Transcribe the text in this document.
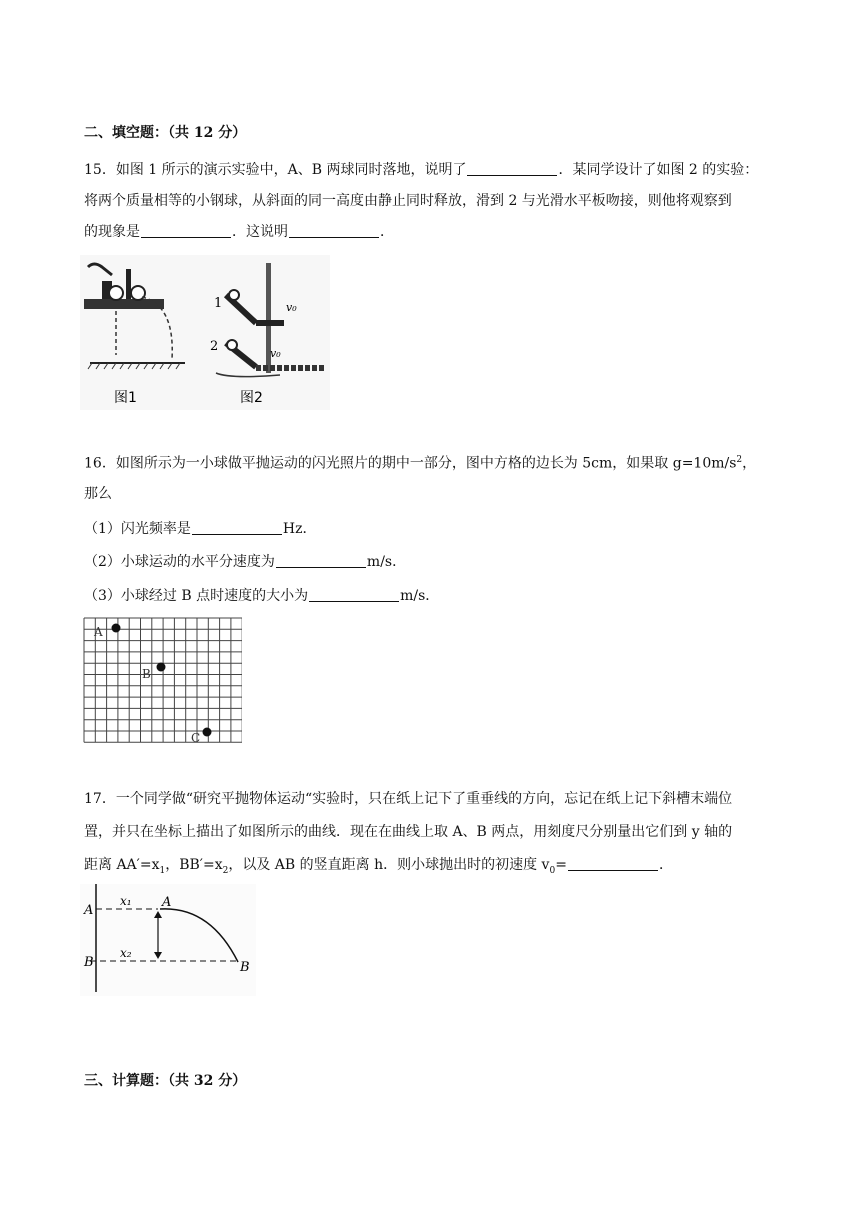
二、填空题：（共 12 分）
15．如图 1 所示的演示实验中，A、B 两球同时落地，说明了	．某同学设计了如图 2 的实验：
将两个质量相等的小钢球，从斜面的同一高度由静止同时释放，滑到 2 与光滑水平板吻接，则他将观察到
的现象是	．这说明	．
图1
1
2
v₀
v₀
图2
16．如图所示为一小球做平抛运动的闪光照片的期中一部分，图中方格的边长为 5cm，如果取 $g=10m/s^2$，
那么
（1）闪光频率是	Hz．
（2）小球运动的水平分速度为	m/s．
（3）小球经过 B 点时速度的大小为	m/s．
A
B
C
17．一个同学做“研究平抛物体运动“实验时，只在纸上记下了重垂线的方向，忘记在纸上记下斜槽末端位
置，并只在坐标上描出了如图所示的曲线．现在在曲线上取 A、B 两点，用刻度尺分别量出它们到 y 轴的
距离 $AA'=x_1$，$BB'=x_2$，以及 AB 的竖直距离 h．则小球抛出时的初速度 $v_0=$	．
A
A
B	B
x₁
x₂
三、计算题：（共 32 分）
